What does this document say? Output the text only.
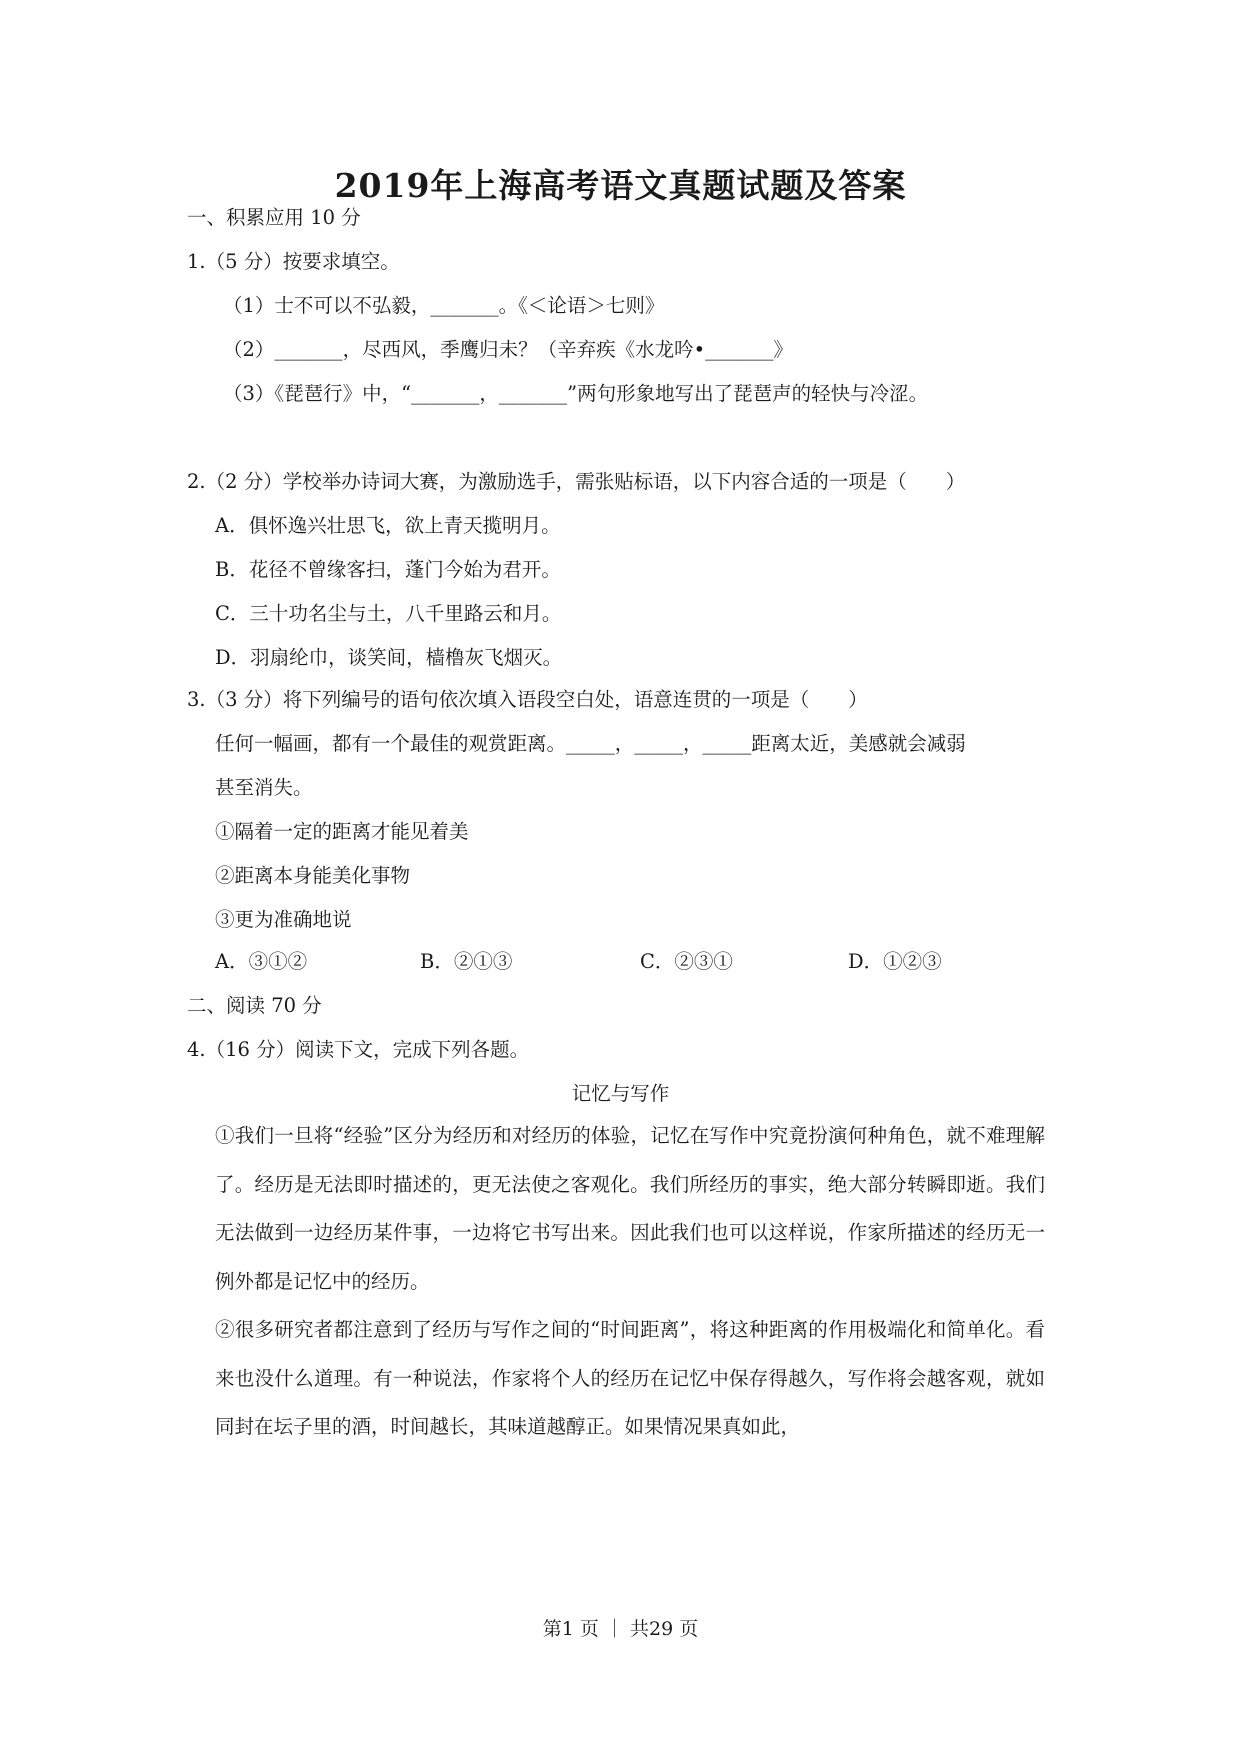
2019年上海高考语文真题试题及答案
一、积累应用 10 分
1.（5 分）按要求填空。
（1）士不可以不弘毅，_______。《＜论语＞七则》
（2）_______，尽西风，季鹰归未？（辛弃疾《水龙吟•_______》
（3）《琵琶行》中，“_______，_______”两句形象地写出了琵琶声的轻快与冷涩。
2.（2 分）学校举办诗词大赛，为激励选手，需张贴标语，以下内容合适的一项是（　　）
A．俱怀逸兴壮思飞，欲上青天揽明月。
B．花径不曾缘客扫，蓬门今始为君开。
C．三十功名尘与土，八千里路云和月。
D．羽扇纶巾，谈笑间，樯橹灰飞烟灭。
3.（3 分）将下列编号的语句依次填入语段空白处，语意连贯的一项是（　　）
任何一幅画，都有一个最佳的观赏距离。_____，_____，_____距离太近，美感就会减弱
甚至消失。
①隔着一定的距离才能见着美
②距离本身能美化事物
③更为准确地说
A．③①②	B．②①③	C．②③①	D．①②③
二、阅读 70 分
4.（16 分）阅读下文，完成下列各题。
记忆与写作
①我们一旦将“经验”区分为经历和对经历的体验，记忆在写作中究竟扮演何种角色，就不难理解了。经历是无法即时描述的，更无法使之客观化。我们所经历的事实，绝大部分转瞬即逝。我们无法做到一边经历某件事，一边将它书写出来。因此我们也可以这样说，作家所描述的经历无一例外都是记忆中的经历。
②很多研究者都注意到了经历与写作之间的“时间距离”，将这种距离的作用极端化和简单化。看来也没什么道理。有一种说法，作家将个人的经历在记忆中保存得越久，写作将会越客观，就如同封在坛子里的酒，时间越长，其味道越醇正。如果情况果真如此，
第1 页 ｜ 共29 页
